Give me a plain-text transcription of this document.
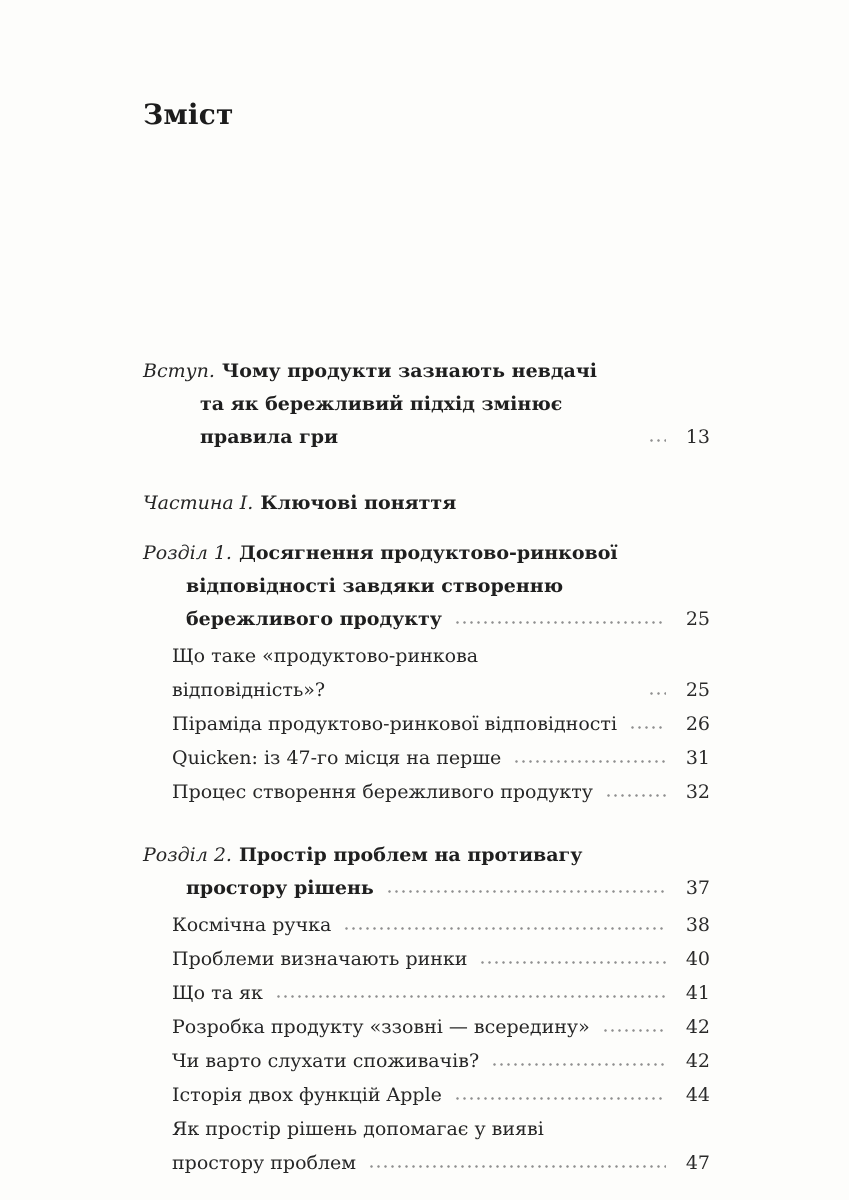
Зміст
Вступ. Чому продукти зазнають невдачі
та як бережливий підхід змінює правила гри	13
Частина I. Ключові поняття
Розділ 1. Досягнення продуктово-ринкової
відповідності завдяки створенню
бережливого продукту	25
Що таке «продуктово-ринкова відповідність»?	25
Піраміда продуктово-ринкової відповідності	26
Quicken: із 47-го місця на перше	31
Процес створення бережливого продукту	32
Розділ 2. Простір проблем на противагу
простору рішень	37
Космічна ручка	38
Проблеми визначають ринки	40
Що та як	41
Розробка продукту «ззовні — всередину»	42
Чи варто слухати споживачів?	42
Історія двох функцій Apple	44
Як простір рішень допомагає у вияві
простору проблем	47
